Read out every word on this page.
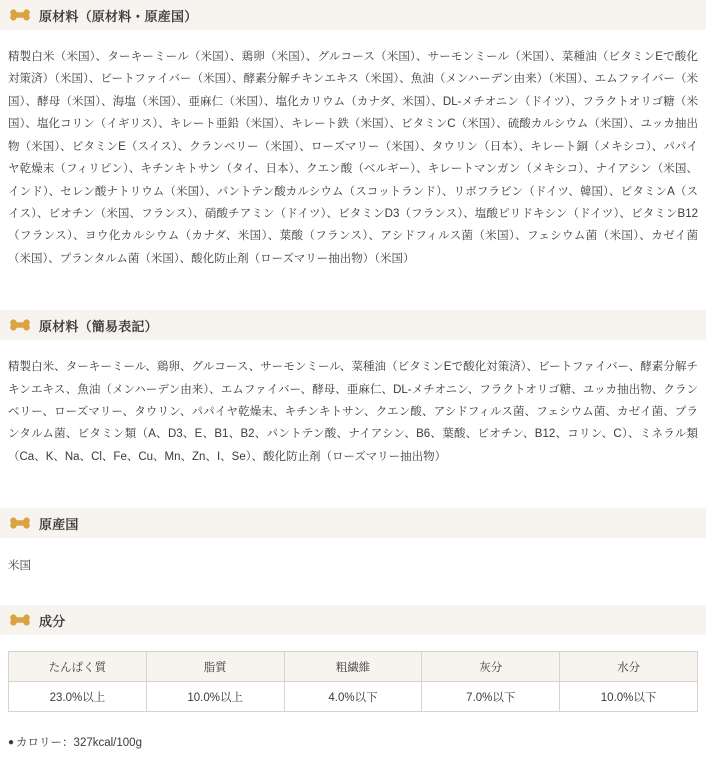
原材料（原材料・原産国）
精製白米（米国）、ターキーミール（米国）、鶏卵（米国）、グルコース（米国）、サーモンミール（米国）、菜種油（ビタミンEで酸化対策済）（米国）、ビートファイバー（米国）、酵素分解チキンエキス（米国）、魚油（メンハーデン由来）（米国）、エムファイバー（米国）、酵母（米国）、海塩（米国）、亜麻仁（米国）、塩化カリウム（カナダ、米国）、DL-メチオニン（ドイツ）、フラクトオリゴ糖（米国）、塩化コリン（イギリス）、キレート亜鉛（米国）、キレート鉄（米国）、ビタミンC（米国）、硫酸カルシウム（米国）、ユッカ抽出物（米国）、ビタミンE（スイス）、クランベリー（米国）、ローズマリー（米国）、タウリン（日本）、キレート銅（メキシコ）、パパイヤ乾燥末（フィリピン）、キチンキトサン（タイ、日本）、クエン酸（ベルギー）、キレートマンガン（メキシコ）、ナイアシン（米国、インド）、セレン酸ナトリウム（米国）、パントテン酸カルシウム（スコットランド）、リボフラビン（ドイツ、韓国）、ビタミンA（スイス）、ビオチン（米国、フランス）、硝酸チアミン（ドイツ）、ビタミンD3（フランス）、塩酸ピリドキシン（ドイツ）、ビタミンB12（フランス）、ヨウ化カルシウム（カナダ、米国）、葉酸（フランス）、アシドフィルス菌（米国）、フェシウム菌（米国）、カゼイ菌（米国）、プランタルム菌（米国）、酸化防止剤（ローズマリー抽出物）（米国）
原材料（簡易表記）
精製白米、ターキーミール、鶏卵、グルコース、サーモンミール、菜種油（ビタミンEで酸化対策済）、ビートファイバー、酵素分解チキンエキス、魚油（メンハーデン由来）、エムファイバー、酵母、亜麻仁、DL-メチオニン、フラクトオリゴ糖、ユッカ抽出物、クランベリー、ローズマリー、タウリン、パパイヤ乾燥末、キチンキトサン、クエン酸、アシドフィルス菌、フェシウム菌、カゼイ菌、プランタルム菌、ビタミン類（A、D3、E、B1、B2、パントテン酸、ナイアシン、B6、葉酸、ビオチン、B12、コリン、C）、ミネラル類（Ca、K、Na、Cl、Fe、Cu、Mn、Zn、I、Se）、酸化防止剤（ローズマリー抽出物）
原産国
米国
成分
たんぱく質	脂質	粗繊維	灰分	水分
23.0%以上	10.0%以上	4.0%以下	7.0%以下	10.0%以下
● カロリー：327kcal/100g
